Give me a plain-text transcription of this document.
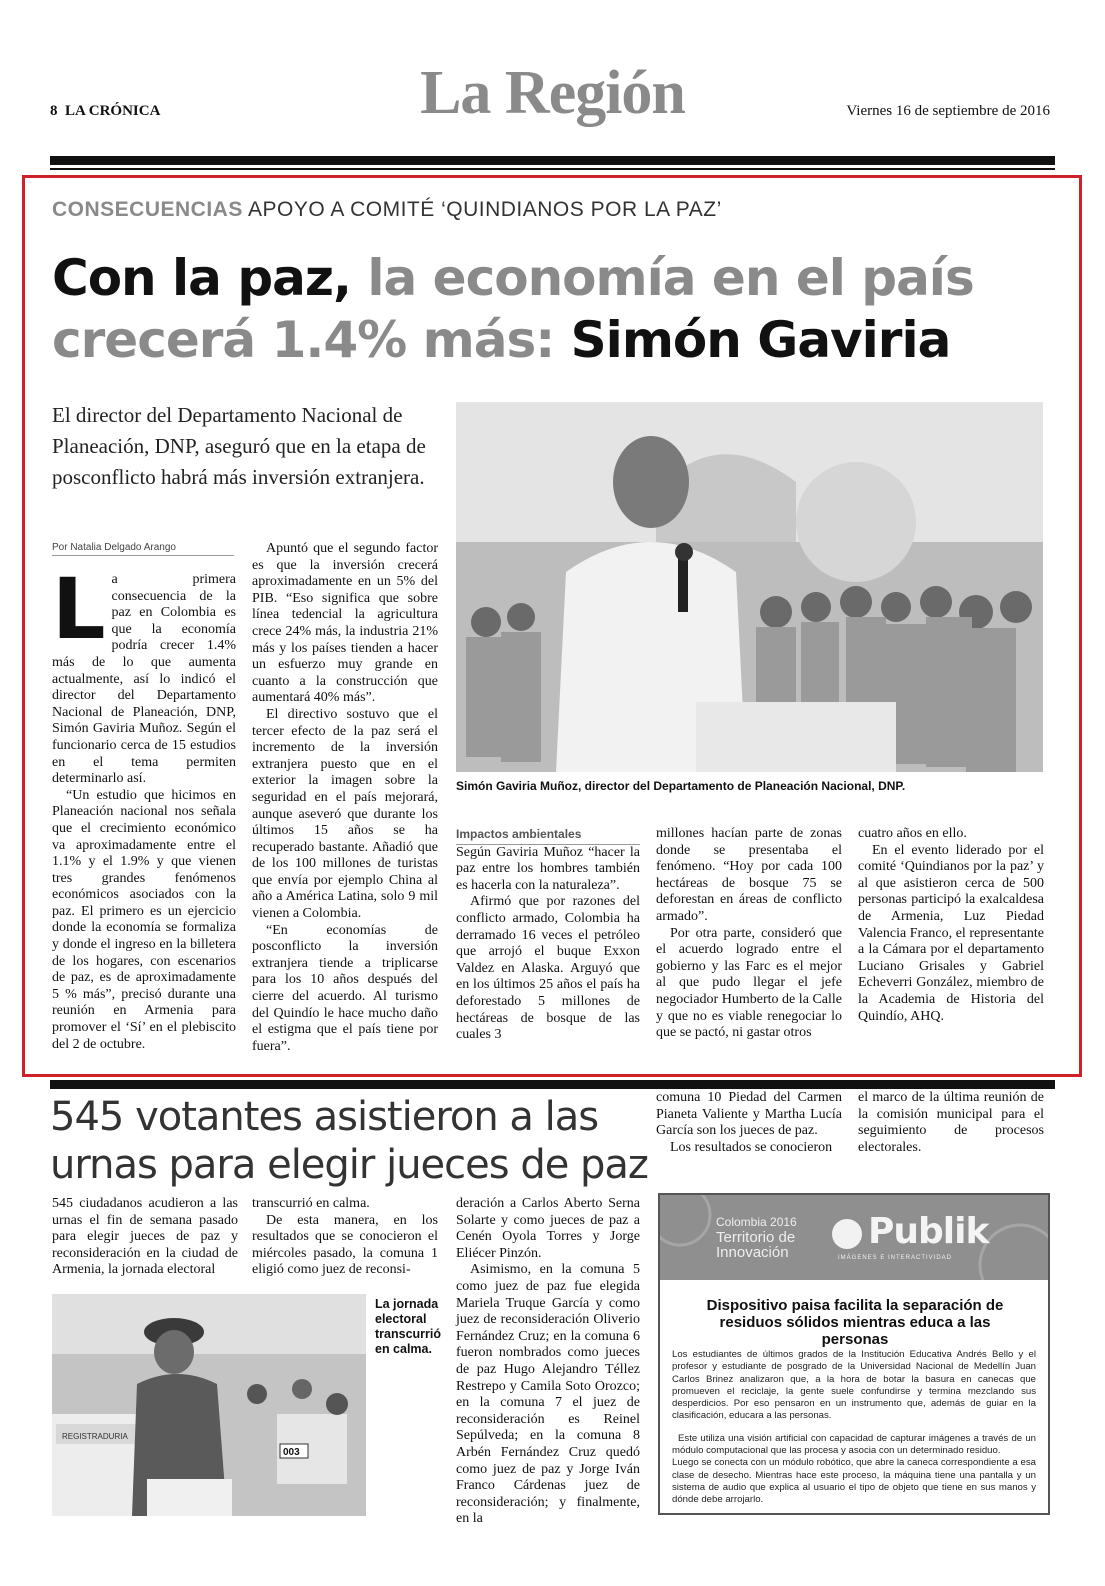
8 LA CRÓNICA	La Región	Viernes 16 de septiembre de 2016
CONSECUENCIAS APOYO A COMITÉ ‘QUINDIANOS POR LA PAZ’
Con la paz, la economía en el país
crecerá 1.4% más: Simón Gaviria
El director del Departamento Nacional de Planeación, DNP, aseguró que en la etapa de posconflicto habrá más inversión extranjera.
Por Natalia Delgado Arango
L a primera consecuencia de la paz en Colombia es que la economía podría crecer 1.4% más de lo que aumenta actualmente, así lo indicó el director del Departamento Nacional de Planeación, DNP, Simón Gaviria Muñoz. Según el funcionario cerca de 15 estudios en el tema permiten determinarlo así.

“Un estudio que hicimos en Planeación nacional nos señala que el crecimiento económico va aproximadamente entre el 1.1% y el 1.9% y que vienen tres grandes fenómenos económicos asociados con la paz. El primero es un ejercicio donde la economía se formaliza y donde el ingreso en la billetera de los hogares, con escenarios de paz, es de aproximadamente 5 % más”, precisó durante una reunión en Armenia para promover el ‘Sí’ en el plebiscito del 2 de octubre.

Apuntó que el segundo factor es que la inversión crecerá aproximadamente en un 5% del PIB. “Eso significa que sobre línea tedencial la agricultura crece 24% más, la industria 21% más y los países tienden a hacer un esfuerzo muy grande en cuanto a la construcción que aumentará 40% más”.

El directivo sostuvo que el tercer efecto de la paz será el incremento de la inversión extranjera puesto que en el exterior la imagen sobre la seguridad en el país mejorará, aunque aseveró que durante los últimos 15 años se ha recuperado bastante. Añadió que de los 100 millones de turistas que envía por ejemplo China al año a América Latina, solo 9 mil vienen a Colombia.

“En economías de posconflicto la inversión extranjera tiende a triplicarse para los 10 años después del cierre del acuerdo. Al turismo del Quindío le hace mucho daño el estigma que el país tiene por fuera”.

Simón Gaviria Muñoz, director del Departamento de Planeación Nacional, DNP.
Impactos ambientales

Según Gaviria Muñoz “hacer la paz entre los hombres también es hacerla con la naturaleza”.

Afirmó que por razones del conflicto armado, Colombia ha derramado 16 veces el petróleo que arrojó el buque Exxon Valdez en Alaska. Arguyó que en los últimos 25 años el país ha deforestado 5 millones de hectáreas de bosque de las cuales 3

millones hacían parte de zonas donde se presentaba el fenómeno. “Hoy por cada 100 hectáreas de bosque 75 se deforestan en áreas de conflicto armado”.

Por otra parte, consideró que el acuerdo logrado entre el gobierno y las Farc es el mejor al que pudo llegar el jefe negociador Humberto de la Calle y que no es viable renegociar lo que se pactó, ni gastar otros

cuatro años en ello.

En el evento liderado por el comité ‘Quindianos por la paz’ y al que asistieron cerca de 500 personas participó la exalcaldesa de Armenia, Luz Piedad Valencia Franco, el representante a la Cámara por el departamento Luciano Grisales y Gabriel Echeverri González, miembro de la Academia de Historia del Quindío, AHQ.

545 votantes asistieron a las urnas para elegir jueces de paz

545 ciudadanos acudieron a las urnas el fin de semana pasado para elegir jueces de paz y reconsideración en la ciudad de Armenia, la jornada electoral

transcurrió en calma.

De esta manera, en los resultados que se conocieron el miércoles pasado, la comuna 1 eligió como juez de reconsi-

deración a Carlos Aberto Serna Solarte y como jueces de paz a Cenén Oyola Torres y Jorge Eliécer Pinzón.

Asimismo, en la comuna 5 como juez de paz fue elegida Mariela Truque García y como juez de reconsideración Oliverio Fernández Cruz; en la comuna 6 fueron nombrados como jueces de paz Hugo Alejandro Téllez Restrepo y Camila Soto Orozco; en la comuna 7 el juez de reconsideración es Reinel Sepúlveda; en la comuna 8 Arbén Fernández Cruz quedó como juez de paz y Jorge Iván Franco Cárdenas juez de reconsideración; y finalmente, en la

comuna 10 Piedad del Carmen Pianeta Valiente y Martha Lucía García son los jueces de paz.

Los resultados se conocieron

el marco de la última reunión de la comisión municipal para el seguimiento de procesos electorales.

REGISTRADURIA
003
La jornada electoral transcurrió en calma.
Colombia 2016
Territorio de
Innovación
Publik
IMÁGENES E INTERACTIVIDAD
Dispositivo paisa facilita la separación de residuos sólidos mientras educa a las personas

Los estudiantes de últimos grados de la Institución Educativa Andrés Bello y el profesor y estudiante de posgrado de la Universidad Nacional de Medellín Juan Carlos Brinez analizaron que, a la hora de botar la basura en canecas que promueven el reciclaje, la gente suele confundirse y termina mezclando sus desperdicios. Por eso pensaron en un instrumento que, además de guiar en la clasificación, educara a las personas.

Este utiliza una visión artificial con capacidad de capturar imágenes a través de un módulo computacional que las procesa y asocia con un determinado residuo.

Luego se conecta con un módulo robótico, que abre la caneca correspondiente a esa clase de desecho. Mientras hace este proceso, la máquina tiene una pantalla y un sistema de audio que explica al usuario el tipo de objeto que tiene en sus manos y dónde debe arrojarlo.
